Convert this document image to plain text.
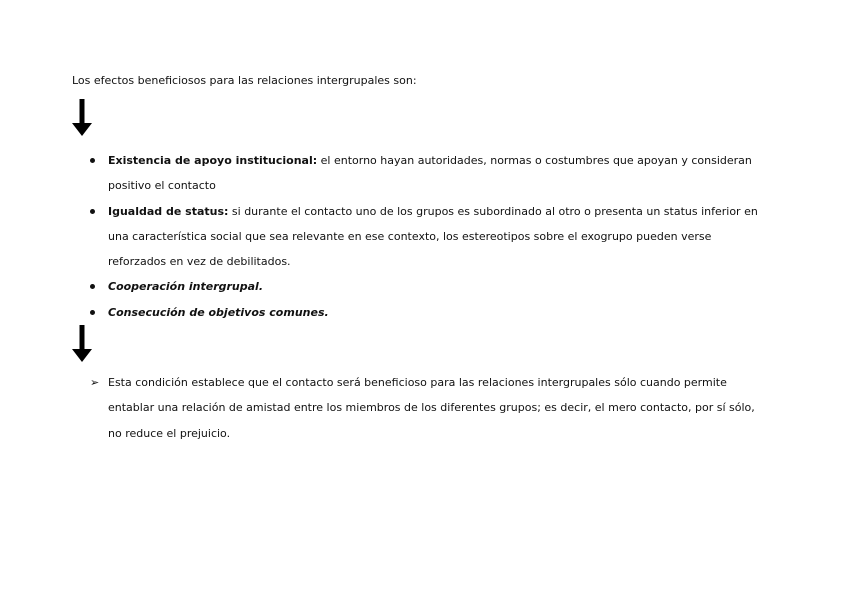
Los efectos beneficiosos para las relaciones intergrupales son:
Existencia de apoyo institucional: el entorno hayan autoridades, normas o costumbres que apoyan y consideran positivo el contacto
Igualdad de status: si durante el contacto uno de los grupos es subordinado al otro o presenta un status inferior en una característica social que sea relevante en ese contexto, los estereotipos sobre el exogrupo pueden verse reforzados en vez de debilitados.
Cooperación intergrupal.
Consecución de objetivos comunes.
➢ Esta condición establece que el contacto será beneficioso para las relaciones intergrupales sólo cuando permite entablar una relación de amistad entre los miembros de los diferentes grupos; es decir, el mero contacto, por sí sólo, no reduce el prejuicio.
